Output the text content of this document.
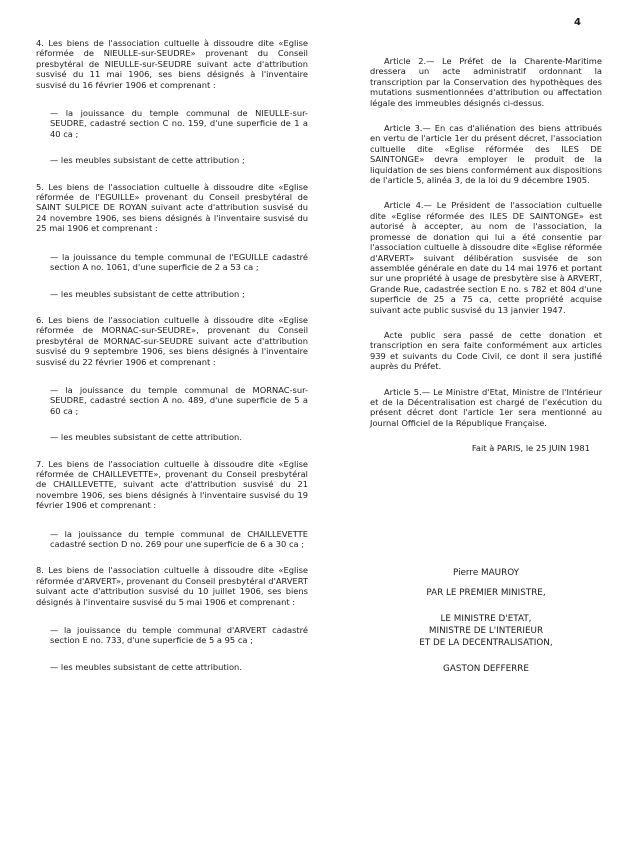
4

4. Les biens de l'association cultuelle à dissoudre dite «Eglise réformée de NIEULLE-sur-SEUDRE» provenant du Conseil presbytéral de NIEULLE-sur-SEUDRE suivant acte d'attribution susvisé du 11 mai 1906, ses biens désignés à l'inventaire susvisé du 16 février 1906 et comprenant :

— la jouissance du temple communal de NIEULLE-sur-SEUDRE, cadastré section C no. 159, d'une superficie de 1 a 40 ca ;

— les meubles subsistant de cette attribution ;

5. Les biens de l'association cultuelle à dissoudre dite «Eglise réformée de l'EGUILLE» provenant du Conseil presbytéral de SAINT SULPICE DE ROYAN suivant acte d'attribution susvisé du 24 novembre 1906, ses biens désignés à l'inventaire susvisé du 25 mai 1906 et comprenant :

— la jouissance du temple communal de l'EGUILLE cadastré section A no. 1061, d'une superficie de 2 a 53 ca ;

— les meubles subsistant de cette attribution ;

6. Les biens de l'association cultuelle à dissoudre dite «Eglise réformée de MORNAC-sur-SEUDRE», provenant du Conseil presbytéral de MORNAC-sur-SEUDRE suivant acte d'attribution susvisé du 9 septembre 1906, ses biens désignés à l'inventaire susvisé du 22 février 1906 et comprenant :

— la jouissance du temple communal de MORNAC-sur-SEUDRE, cadastré section A no. 489, d'une superficie de 5 a 60 ca ;

— les meubles subsistant de cette attribution.

7. Les biens de l'association cultuelle à dissoudre dite «Eglise réformée de CHAILLEVETTE», provenant du Conseil presbytéral de CHAILLEVETTE, suivant acte d'attribution susvisé du 21 novembre 1906, ses biens désignés à l'inventaire susvisé du 19 février 1906 et comprenant :

— la jouissance du temple communal de CHAILLEVETTE cadastré section D no. 269 pour une superficie de 6 a 30 ca ;

8. Les biens de l'association cultuelle à dissoudre dite «Eglise réformée d'ARVERT», provenant du Conseil presbytéral d'ARVERT suivant acte d'attribution susvisé du 10 juillet 1906, ses biens désignés à l'inventaire susvisé du 5 mai 1906 et comprenant :

— la jouissance du temple communal d'ARVERT cadastré section E no. 733, d'une superficie de 5 a 95 ca ;

— les meubles subsistant de cette attribution.

Article 2.— Le Préfet de la Charente-Maritime dressera un acte administratif ordonnant la transcription par la Conservation des hypothèques des mutations susmentionnées d'attribution ou affectation légale des immeubles désignés ci-dessus.

Article 3.— En cas d'aliénation des biens attribués en vertu de l'article 1er du présent décret, l'association cultuelle dite «Eglise réformée des ILES DE SAINTONGE» devra employer le produit de la liquidation de ses biens conformément aux dispositions de l'article 5, alinéa 3, de la loi du 9 décembre 1905.

Article 4.— Le Président de l'association cultuelle dite «Eglise réformée des ILES DE SAINTONGE» est autorisé à accepter, au nom de l'association, la promesse de donation qui lui a été consentie par l'association cultuelle à dissoudre dite «Eglise réformée d'ARVERT» suivant délibération susvisée de son assemblée générale en date du 14 mai 1976 et portant sur une propriété à usage de presbytère sise à ARVERT, Grande Rue, cadastrée section E no. s 782 et 804 d'une superficie de 25 a 75 ca, cette propriété acquise suivant acte public susvisé du 13 janvier 1947.

Acte public sera passé de cette donation et transcription en sera faite conformément aux articles 939 et suivants du Code Civil, ce dont il sera justifié auprès du Préfet.

Article 5.— Le Ministre d'Etat, Ministre de l'Intérieur et de la Décentralisation est chargé de l'exécution du présent décret dont l'article 1er sera mentionné au Journal Officiel de la République Française.

Fait à PARIS, le 25 JUIN 1981

Pierre MAUROY
PAR LE PREMIER MINISTRE,
LE MINISTRE D'ETAT,
MINISTRE DE L'INTERIEUR
ET DE LA DECENTRALISATION,
GASTON DEFFERRE
